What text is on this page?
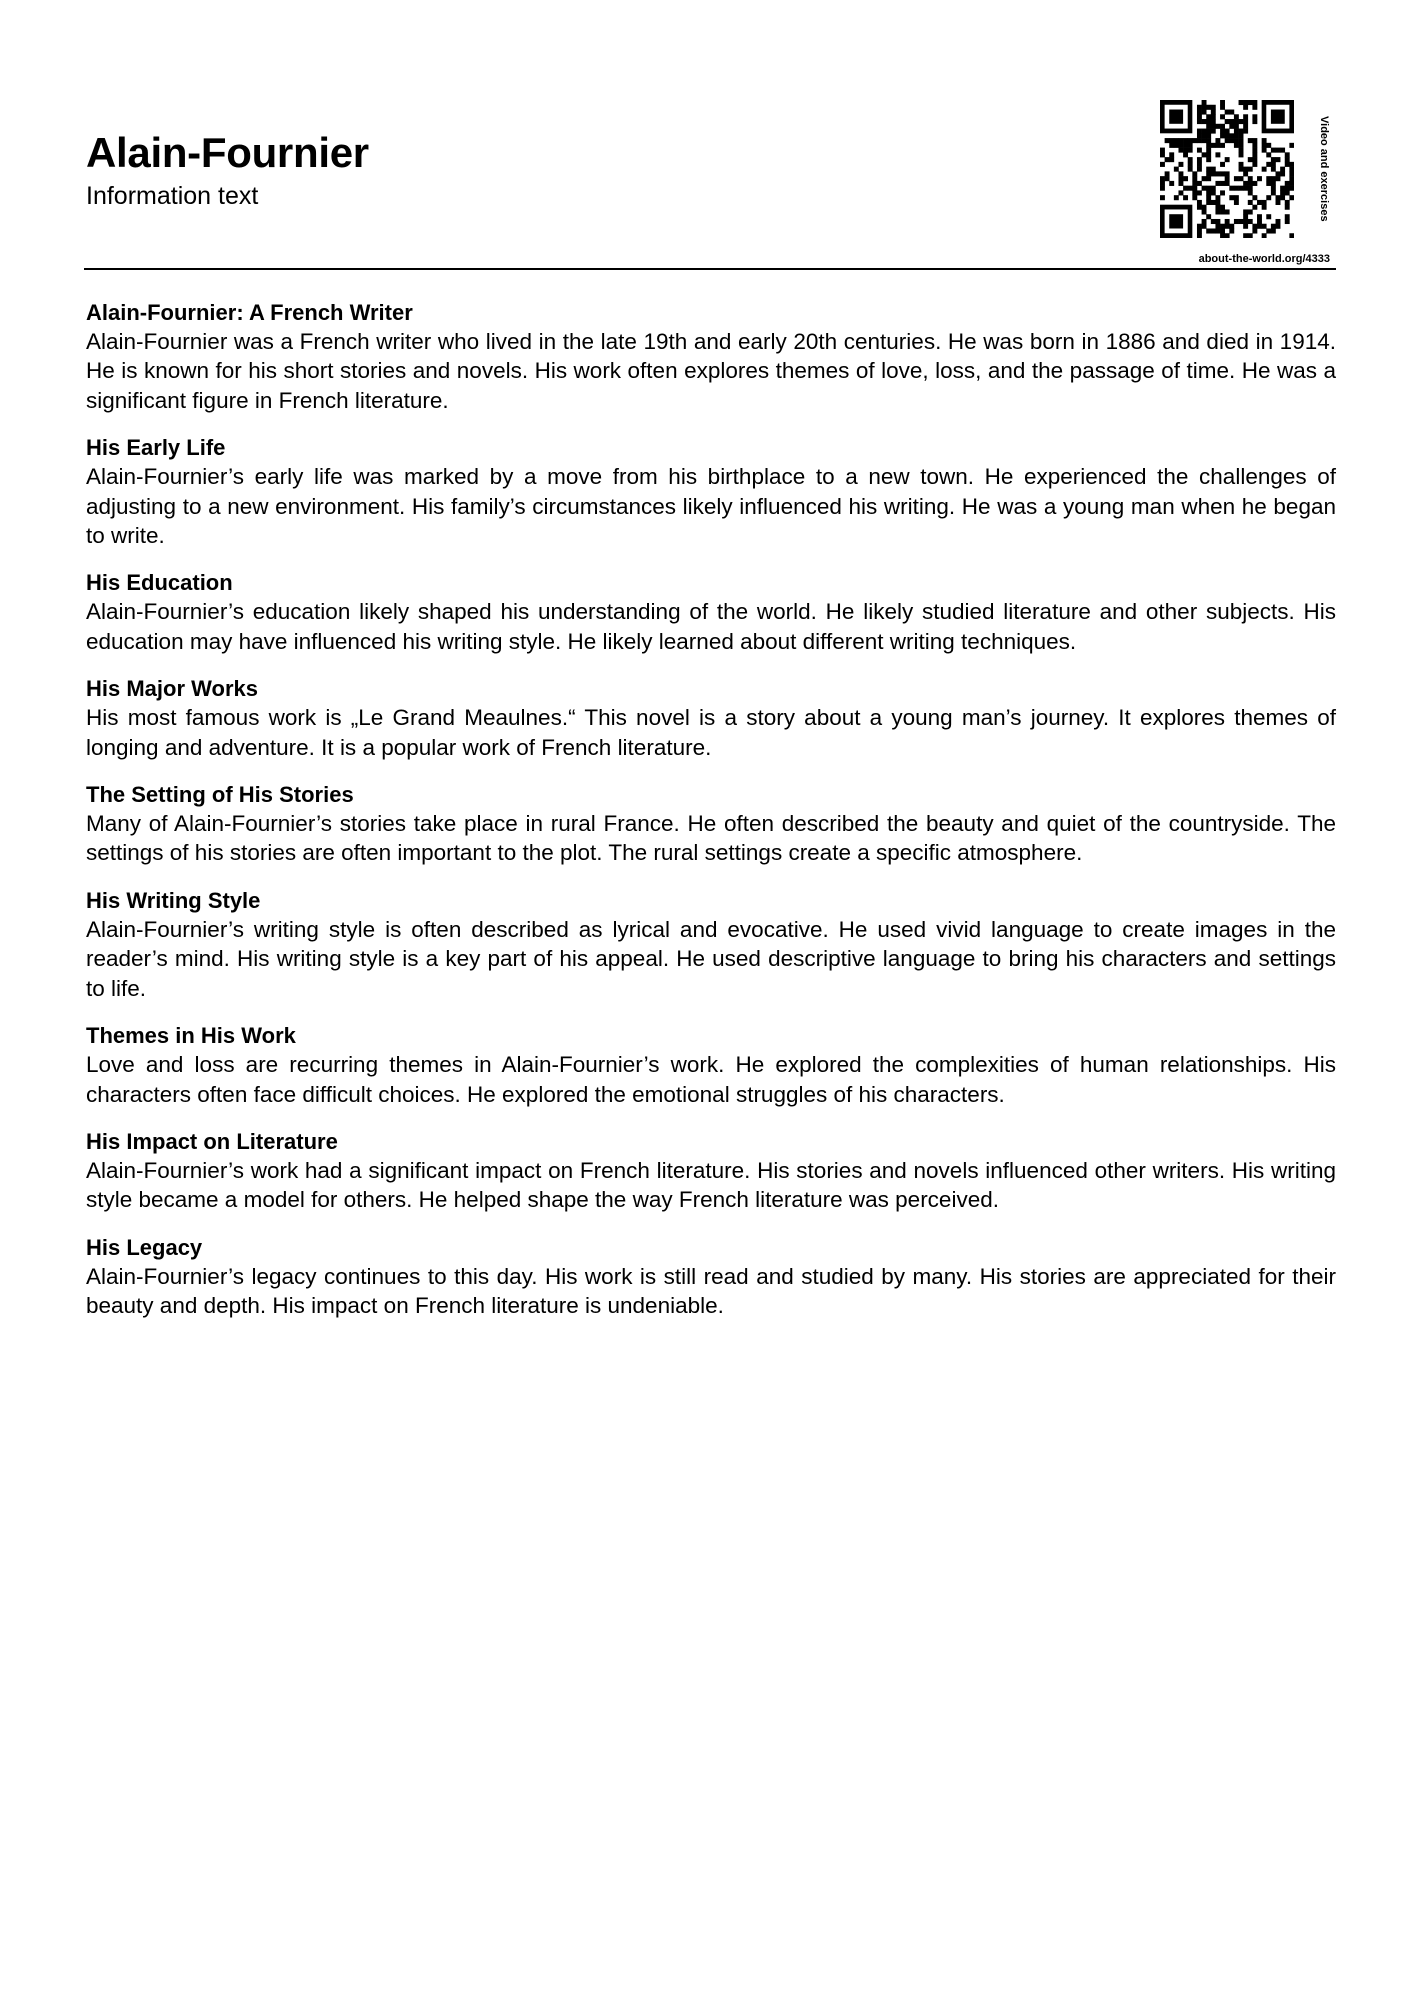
Alain-Fournier
Information text	Video and exercises
about-the-world.org/4333
Alain-Fournier: A French Writer

Alain-Fournier was a French writer who lived in the late 19th and early 20th centuries. He was born in 1886 and died in 1914. He is known for his short stories and novels. His work often explores themes of love, loss, and the passage of time. He was a significant figure in French literature.

His Early Life

Alain-Fournier’s early life was marked by a move from his birthplace to a new town. He experienced the challenges of adjusting to a new environment. His family’s circumstances likely influenced his writing. He was a young man when he began to write.

His Education

Alain-Fournier’s education likely shaped his understanding of the world. He likely studied literature and other subjects. His education may have influenced his writing style. He likely learned about different writing techniques.

His Major Works

His most famous work is „Le Grand Meaulnes.“ This novel is a story about a young man’s journey. It explores themes of longing and adventure. It is a popular work of French literature.

The Setting of His Stories

Many of Alain-Fournier’s stories take place in rural France. He often described the beauty and quiet of the countryside. The settings of his stories are often important to the plot. The rural settings create a specific atmosphere.

His Writing Style

Alain-Fournier’s writing style is often described as lyrical and evocative. He used vivid language to create images in the reader’s mind. His writing style is a key part of his appeal. He used descriptive language to bring his characters and settings to life.

Themes in His Work

Love and loss are recurring themes in Alain-Fournier’s work. He explored the complexities of human relationships. His characters often face difficult choices. He explored the emotional struggles of his characters.

His Impact on Literature

Alain-Fournier’s work had a significant impact on French literature. His stories and novels influenced other writers. His writing style became a model for others. He helped shape the way French literature was perceived.

His Legacy

Alain-Fournier’s legacy continues to this day. His work is still read and studied by many. His stories are appreciated for their beauty and depth. His impact on French literature is undeniable.
